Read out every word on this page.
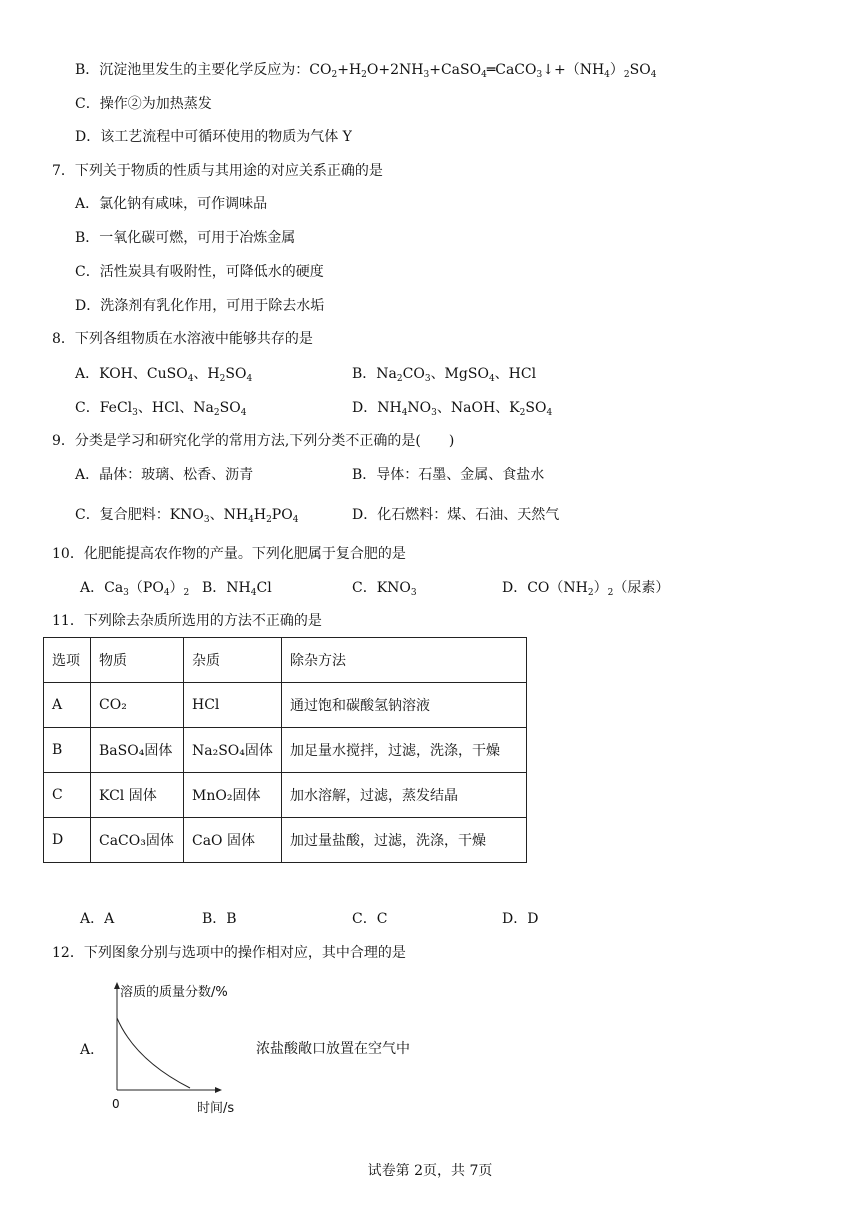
B．沉淀池里发生的主要化学反应为：$CO_2+H_2O+2NH_3+CaSO_4═CaCO_3↓+(NH_4)_2SO_4$
C．操作②为加热蒸发
D．该工艺流程中可循环使用的物质为气体 Y
7．下列关于物质的性质与其用途的对应关系正确的是
A．氯化钠有咸味，可作调味品
B．一氧化碳可燃，可用于冶炼金属
C．活性炭具有吸附性，可降低水的硬度
D．洗涤剂有乳化作用，可用于除去水垢
8．下列各组物质在水溶液中能够共存的是
A．KOH、CuSO$_4$、$H_2SO_4$	B．$Na_2CO_3$、MgSO$_4$、HCl
C．FeCl$_3$、HCl、$Na_2SO_4$	D．$NH_4NO_3$、NaOH、$K_2SO_4$
9．分类是学习和研究化学的常用方法,下列分类不正确的是(　　)
A．晶体：玻璃、松香、沥青	B．导体：石墨、金属、食盐水
C．复合肥料：$KNO_3$、$NH_4H_2PO_4$	D．化石燃料：煤、石油、天然气
10．化肥能提高农作物的产量。下列化肥属于复合肥的是
A．$Ca_3(PO_4)_2$ B．$NH_4Cl$	C．$KNO_3$	D．$CO(NH_2)_2$（尿素）
11．下列除去杂质所选用的方法不正确的是
选项	物质	杂质	除杂方法
A	CO₂	HCl	通过饱和碳酸氢钠溶液
B	BaSO₄固体	Na₂SO₄固体	加足量水搅拌，过滤，洗涤，干燥
C	KCl 固体	MnO₂固体	加水溶解，过滤，蒸发结晶
D	CaCO₃固体	CaO 固体	加过量盐酸，过滤，洗涤，干燥
A．A	B．B	C．C	D．D
12．下列图象分别与选项中的操作相对应，其中合理的是
A．
溶质的质量分数/%
0	时间/s
浓盐酸敞口放置在空气中
试卷第 2页，共 7页
